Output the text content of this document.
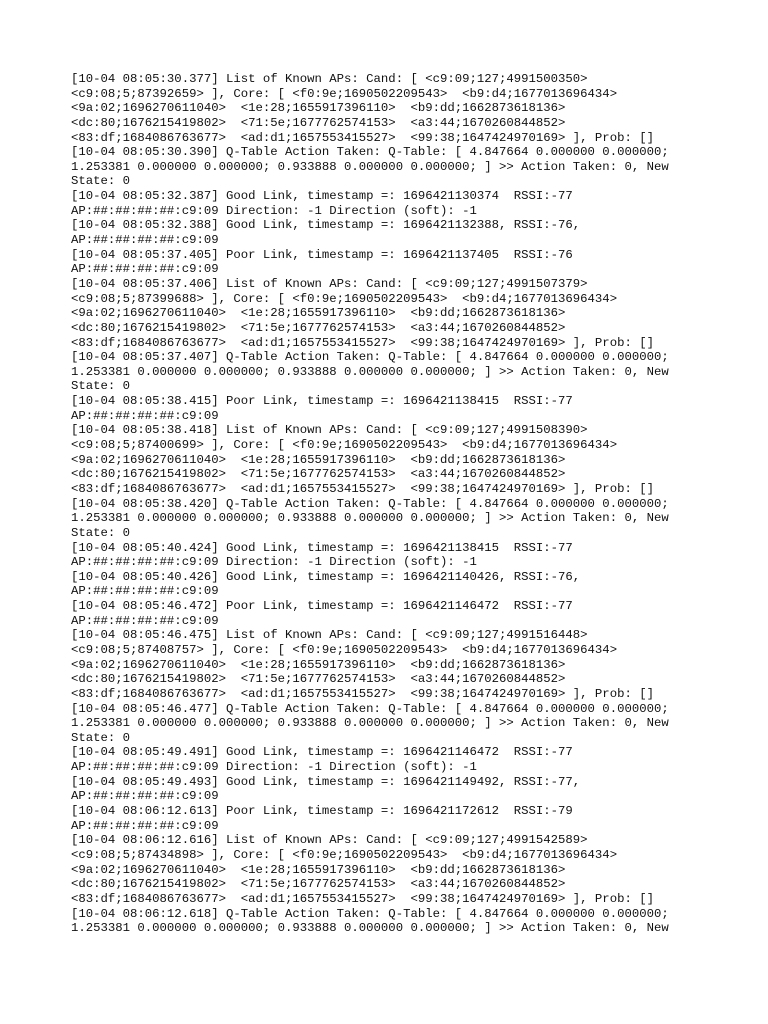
[10-04 08:05:30.377] List of Known APs: Cand: [ <c9:09;127;4991500350>
<c9:08;5;87392659> ], Core: [ <f0:9e;1690502209543>  <b9:d4;1677013696434>
<9a:02;1696270611040>  <1e:28;1655917396110>  <b9:dd;1662873618136>
<dc:80;1676215419802>  <71:5e;1677762574153>  <a3:44;1670260844852>
<83:df;1684086763677>  <ad:d1;1657553415527>  <99:38;1647424970169> ], Prob: []
[10-04 08:05:30.390] Q-Table Action Taken: Q-Table: [ 4.847664 0.000000 0.000000;
1.253381 0.000000 0.000000; 0.933888 0.000000 0.000000; ] >> Action Taken: 0, New
State: 0
[10-04 08:05:32.387] Good Link, timestamp =: 1696421130374  RSSI:-77
AP:##:##:##:##:c9:09 Direction: -1 Direction (soft): -1
[10-04 08:05:32.388] Good Link, timestamp =: 1696421132388, RSSI:-76,
AP:##:##:##:##:c9:09
[10-04 08:05:37.405] Poor Link, timestamp =: 1696421137405  RSSI:-76
AP:##:##:##:##:c9:09
[10-04 08:05:37.406] List of Known APs: Cand: [ <c9:09;127;4991507379>
<c9:08;5;87399688> ], Core: [ <f0:9e;1690502209543>  <b9:d4;1677013696434>
<9a:02;1696270611040>  <1e:28;1655917396110>  <b9:dd;1662873618136>
<dc:80;1676215419802>  <71:5e;1677762574153>  <a3:44;1670260844852>
<83:df;1684086763677>  <ad:d1;1657553415527>  <99:38;1647424970169> ], Prob: []
[10-04 08:05:37.407] Q-Table Action Taken: Q-Table: [ 4.847664 0.000000 0.000000;
1.253381 0.000000 0.000000; 0.933888 0.000000 0.000000; ] >> Action Taken: 0, New
State: 0
[10-04 08:05:38.415] Poor Link, timestamp =: 1696421138415  RSSI:-77
AP:##:##:##:##:c9:09
[10-04 08:05:38.418] List of Known APs: Cand: [ <c9:09;127;4991508390>
<c9:08;5;87400699> ], Core: [ <f0:9e;1690502209543>  <b9:d4;1677013696434>
<9a:02;1696270611040>  <1e:28;1655917396110>  <b9:dd;1662873618136>
<dc:80;1676215419802>  <71:5e;1677762574153>  <a3:44;1670260844852>
<83:df;1684086763677>  <ad:d1;1657553415527>  <99:38;1647424970169> ], Prob: []
[10-04 08:05:38.420] Q-Table Action Taken: Q-Table: [ 4.847664 0.000000 0.000000;
1.253381 0.000000 0.000000; 0.933888 0.000000 0.000000; ] >> Action Taken: 0, New
State: 0
[10-04 08:05:40.424] Good Link, timestamp =: 1696421138415  RSSI:-77
AP:##:##:##:##:c9:09 Direction: -1 Direction (soft): -1
[10-04 08:05:40.426] Good Link, timestamp =: 1696421140426, RSSI:-76,
AP:##:##:##:##:c9:09
[10-04 08:05:46.472] Poor Link, timestamp =: 1696421146472  RSSI:-77
AP:##:##:##:##:c9:09
[10-04 08:05:46.475] List of Known APs: Cand: [ <c9:09;127;4991516448>
<c9:08;5;87408757> ], Core: [ <f0:9e;1690502209543>  <b9:d4;1677013696434>
<9a:02;1696270611040>  <1e:28;1655917396110>  <b9:dd;1662873618136>
<dc:80;1676215419802>  <71:5e;1677762574153>  <a3:44;1670260844852>
<83:df;1684086763677>  <ad:d1;1657553415527>  <99:38;1647424970169> ], Prob: []
[10-04 08:05:46.477] Q-Table Action Taken: Q-Table: [ 4.847664 0.000000 0.000000;
1.253381 0.000000 0.000000; 0.933888 0.000000 0.000000; ] >> Action Taken: 0, New
State: 0
[10-04 08:05:49.491] Good Link, timestamp =: 1696421146472  RSSI:-77
AP:##:##:##:##:c9:09 Direction: -1 Direction (soft): -1
[10-04 08:05:49.493] Good Link, timestamp =: 1696421149492, RSSI:-77,
AP:##:##:##:##:c9:09
[10-04 08:06:12.613] Poor Link, timestamp =: 1696421172612  RSSI:-79
AP:##:##:##:##:c9:09
[10-04 08:06:12.616] List of Known APs: Cand: [ <c9:09;127;4991542589>
<c9:08;5;87434898> ], Core: [ <f0:9e;1690502209543>  <b9:d4;1677013696434>
<9a:02;1696270611040>  <1e:28;1655917396110>  <b9:dd;1662873618136>
<dc:80;1676215419802>  <71:5e;1677762574153>  <a3:44;1670260844852>
<83:df;1684086763677>  <ad:d1;1657553415527>  <99:38;1647424970169> ], Prob: []
[10-04 08:06:12.618] Q-Table Action Taken: Q-Table: [ 4.847664 0.000000 0.000000;
1.253381 0.000000 0.000000; 0.933888 0.000000 0.000000; ] >> Action Taken: 0, New
